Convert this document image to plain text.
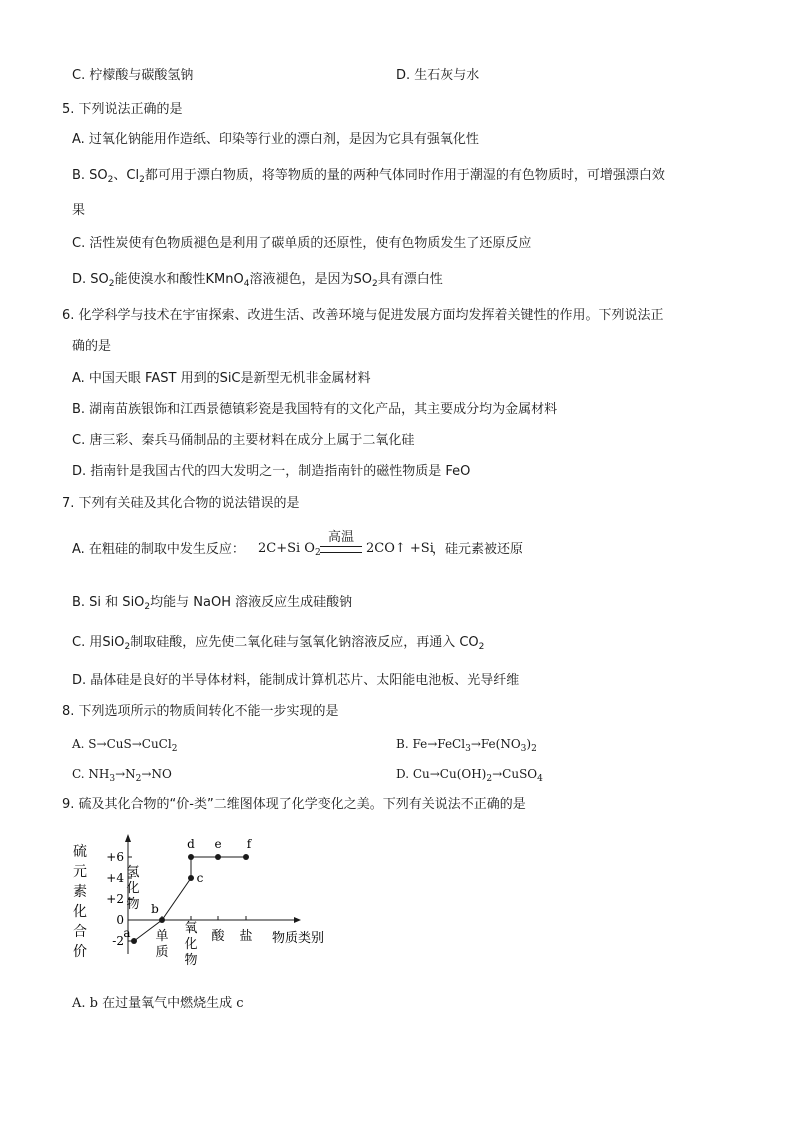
C. 柠檬酸与碳酸氢钠	D. 生石灰与水
5. 下列说法正确的是
A. 过氧化钠能用作造纸、印染等行业的漂白剂，是因为它具有强氧化性
B. $SO_2$、$Cl_2$都可用于漂白物质，将等物质的量的两种气体同时作用于潮湿的有色物质时，可增强漂白效
果
C. 活性炭使有色物质褪色是利用了碳单质的还原性，使有色物质发生了还原反应
D. $SO_2$能使溴水和酸性KMnO$_4$溶液褪色，是因为$SO_2$具有漂白性
6. 化学科学与技术在宇宙探索、改进生活、改善环境与促进发展方面均发挥着关键性的作用。下列说法正
确的是
A. 中国天眼 FAST 用到的SiC是新型无机非金属材料
B. 湖南苗族银饰和江西景德镇彩瓷是我国特有的文化产品，其主要成分均为金属材料
C. 唐三彩、秦兵马俑制品的主要材料在成分上属于二氧化硅
D. 指南针是我国古代的四大发明之一，制造指南针的磁性物质是 FeO
7. 下列有关硅及其化合物的说法错误的是
A. 在粗硅的制取中发生反应： 2C+Si $O_2$
高温
2CO↑ +Si
，硅元素被还原
B. Si 和 SiO$_2$均能与 NaOH 溶液反应生成硅酸钠
C. 用SiO$_2$制取硅酸，应先使二氧化硅与氢氧化钠溶液反应，再通入 $CO_2$
D. 晶体硅是良好的半导体材料，能制成计算机芯片、太阳能电池板、光导纤维
8. 下列选项所示的物质间转化不能一步实现的是
A. S→CuS→CuCl$_2$	B. $Fe\to FeCl_3\to Fe(NO_3)_2$
C. $NH_3\to N_2\to NO$	D. $Cu\to Cu(OH)_2\to CuSO_4$
9. 硫及其化合物的“价-类”二维图体现了化学变化之美。下列有关说法不正确的是
硫
元
素
化
合
价
+6
+4
+2
0
-2
氢
化
物
单
质
氧
化
物
酸 盐 物质类别
a
b
c
d e f
A. b 在过量氧气中燃烧生成 c
